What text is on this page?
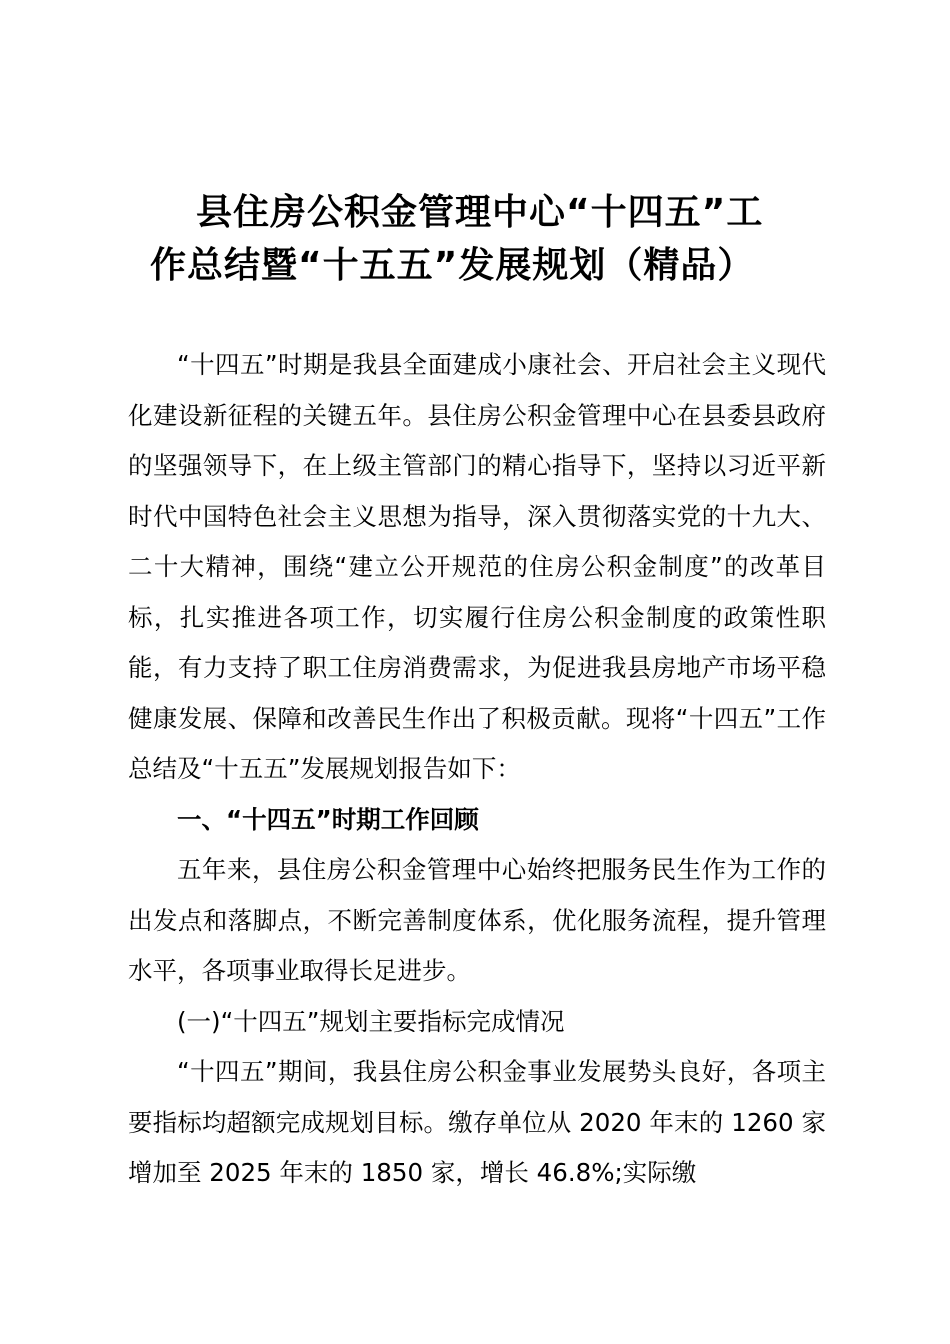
县住房公积金管理中心“十四五”工
作总结暨“十五五”发展规划（精品）

“十四五”时期是我县全面建成小康社会、开启社会主义现代化建设新征程的关键五年。县住房公积金管理中心在县委县政府的坚强领导下，在上级主管部门的精心指导下，坚持以习近平新时代中国特色社会主义思想为指导，深入贯彻落实党的十九大、二十大精神，围绕“建立公开规范的住房公积金制度”的改革目标，扎实推进各项工作，切实履行住房公积金制度的政策性职能，有力支持了职工住房消费需求，为促进我县房地产市场平稳健康发展、保障和改善民生作出了积极贡献。现将“十四五”工作总结及“十五五”发展规划报告如下：

一、“十四五”时期工作回顾

五年来，县住房公积金管理中心始终把服务民生作为工作的出发点和落脚点，不断完善制度体系，优化服务流程，提升管理水平，各项事业取得长足进步。

(一)“十四五”规划主要指标完成情况

“十四五”期间，我县住房公积金事业发展势头良好，各项主要指标均超额完成规划目标。缴存单位从 2020 年末的 1260 家增加至 2025 年末的 1850 家，增长 46.8%;实际缴
